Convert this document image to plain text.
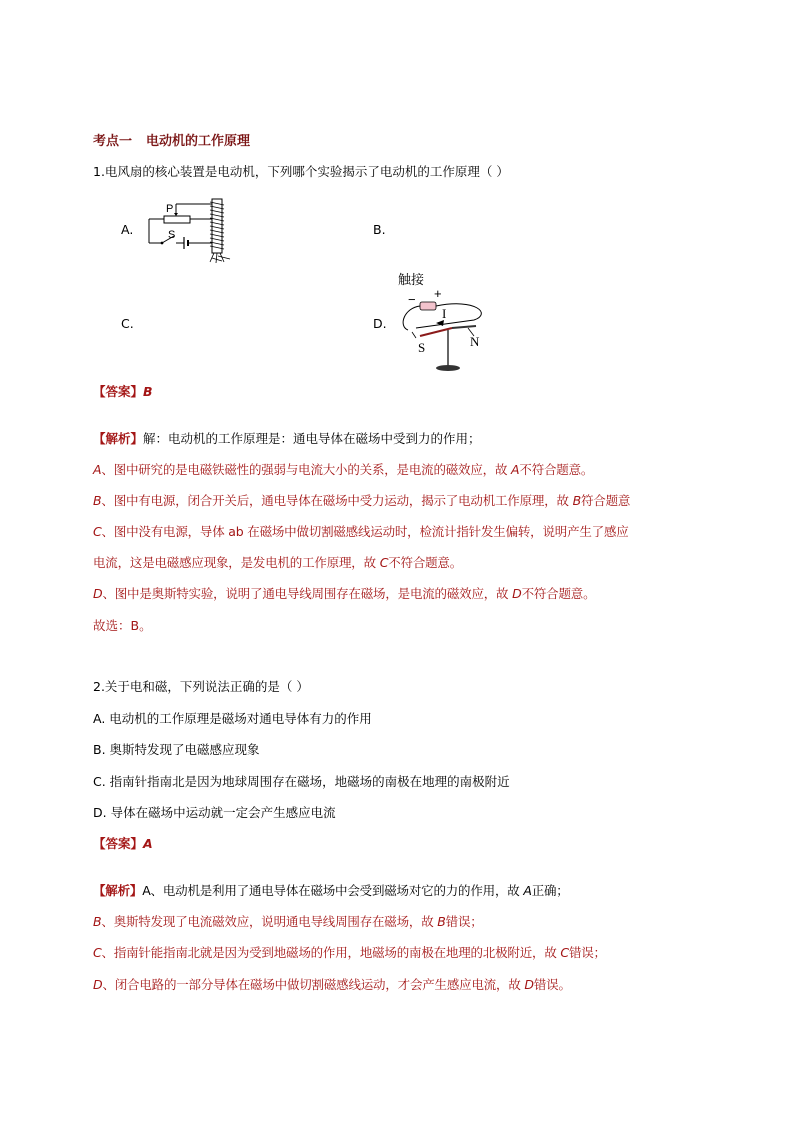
考点一 电动机的工作原理
1.电风扇的核心装置是电动机，下列哪个实验揭示了电动机的工作原理（ ）
A.	B.
C.	D.
P
S
触接
− +
I
S	N
【答案】B
【解析】解：电动机的工作原理是：通电导体在磁场中受到力的作用；
A、图中研究的是电磁铁磁性的强弱与电流大小的关系，是电流的磁效应，故 A不符合题意。
B、图中有电源，闭合开关后，通电导体在磁场中受力运动，揭示了电动机工作原理，故 B符合题意
C、图中没有电源，导体 ab 在磁场中做切割磁感线运动时，检流计指针发生偏转，说明产生了感应
电流，这是电磁感应现象，是发电机的工作原理，故 C不符合题意。
D、图中是奥斯特实验，说明了通电导线周围存在磁场，是电流的磁效应，故 D不符合题意。
故选：B。
2.关于电和磁，下列说法正确的是（ ）
A. 电动机的工作原理是磁场对通电导体有力的作用
B. 奥斯特发现了电磁感应现象
C. 指南针指南北是因为地球周围存在磁场，地磁场的南极在地理的南极附近
D. 导体在磁场中运动就一定会产生感应电流
【答案】A
【解析】A、电动机是利用了通电导体在磁场中会受到磁场对它的力的作用，故 A正确；
B、奥斯特发现了电流磁效应，说明通电导线周围存在磁场，故 B错误；
C、指南针能指南北就是因为受到地磁场的作用，地磁场的南极在地理的北极附近，故 C错误；
D、闭合电路的一部分导体在磁场中做切割磁感线运动，才会产生感应电流，故 D错误。
